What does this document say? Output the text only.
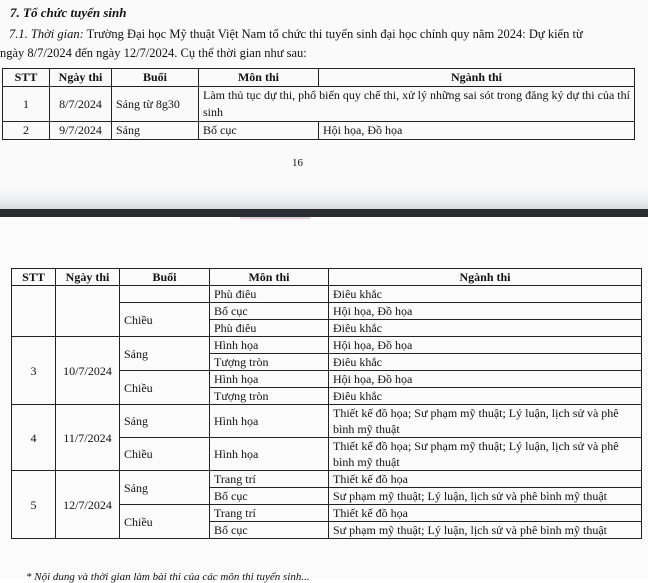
7. Tổ chức tuyển sinh
7.1. Thời gian: Trường Đại học Mỹ thuật Việt Nam tổ chức thi tuyển sinh đại học chính quy năm 2024: Dự kiến từ
ngày 8/7/2024 đến ngày 12/7/2024. Cụ thể thời gian như sau:
STT	Ngày thi	Buổi	Môn thi	Ngành thi
1	8/7/2024	Sáng từ 8g30	Làm thủ tục dự thi, phổ biến quy chế thi, xử lý những sai sót trong đăng ký dự thi của thí sinh	
2	9/7/2024	Sáng	Bố cục	Hội họa, Đồ họa
16
STT	Ngày thi	Buổi	Môn thi	Ngành thi
			Phù điêu	Điêu khắc
		Chiều	Bố cục	Hội họa, Đồ họa
			Phù điêu	Điêu khắc
3	10/7/2024	Sáng	Hình họa	Hội họa, Đồ họa
			Tượng tròn	Điêu khắc
		Chiều	Hình họa	Hội họa, Đồ họa
			Tượng tròn	Điêu khắc
4	11/7/2024	Sáng	Hình họa	Thiết kế đồ họa; Sư phạm mỹ thuật; Lý luận, lịch sử và phê bình mỹ thuật
		Chiều	Hình họa	Thiết kế đồ họa; Sư phạm mỹ thuật; Lý luận, lịch sử và phê bình mỹ thuật
5	12/7/2024	Sáng	Trang trí	Thiết kế đồ họa
			Bố cục	Sư phạm mỹ thuật; Lý luận, lịch sử và phê bình mỹ thuật
		Chiều	Trang trí	Thiết kế đồ họa
			Bố cục	Sư phạm mỹ thuật; Lý luận, lịch sử và phê bình mỹ thuật
* Nội dung và thời gian làm bài thi của các môn thi tuyển sinh...
